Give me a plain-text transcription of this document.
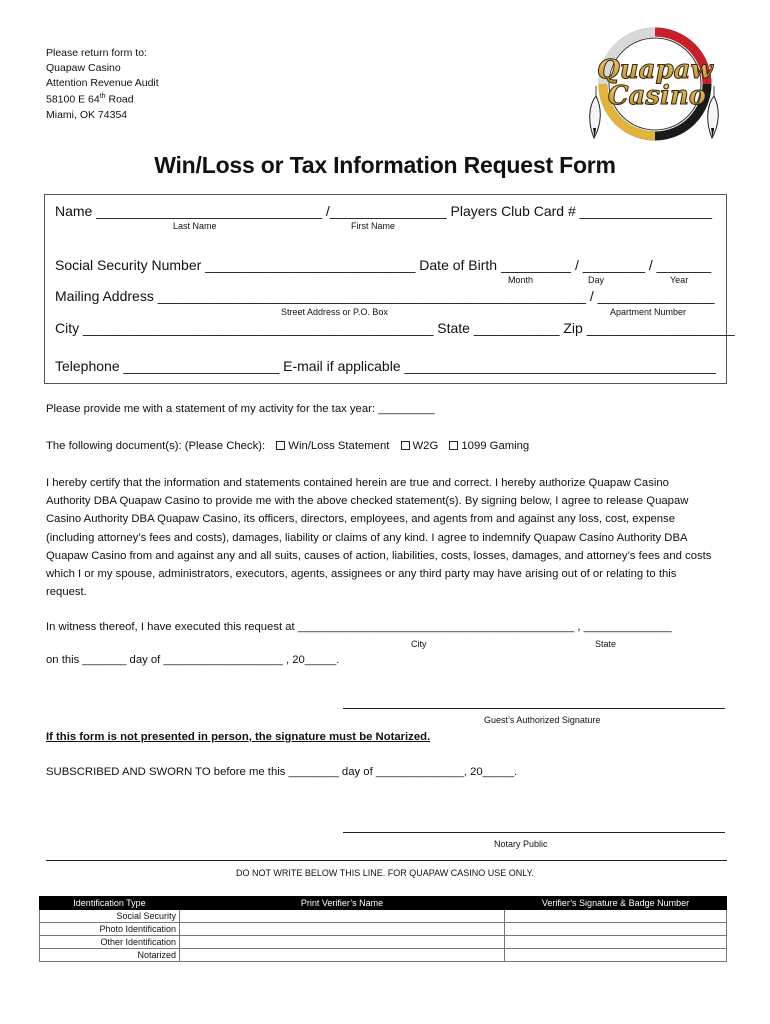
Please return form to:
Quapaw Casino
Attention Revenue Audit
58100 E 64th Road
Miami, OK 74354
Quapaw
Casino
Win/Loss or Tax Information Request Form
Name _____________________________ /_______________ Players Club Card # _________________
Last Name	First Name
Social Security Number ___________________________ Date of Birth _________ / ________ / _______
Month	Day	Year
Mailing Address _______________________________________________________ / _______________
Street Address or P.O. Box	Apartment Number
City _____________________________________________ State ___________ Zip ___________________
Telephone ____________________ E-mail if applicable ________________________________________
Please provide me with a statement of my activity for the tax year: _________
The following document(s): (Please Check): Win/Loss Statement W2G 1099 Gaming
I hereby certify that the information and statements contained herein are true and correct. I hereby authorize Quapaw Casino
Authority DBA Quapaw Casino to provide me with the above checked statement(s). By signing below, I agree to release Quapaw
Casino Authority DBA Quapaw Casino, its officers, directors, employees, and agents from and against any loss, cost, expense
(including attorney’s fees and costs), damages, liability or claims of any kind. I agree to indemnify Quapaw Casino Authority DBA
Quapaw Casino from and against any and all suits, causes of action, liabilities, costs, losses, damages, and attorney’s fees and costs
which I or my spouse, administrators, executors, agents, assignees or any third party may have arising out of or relating to this
request.
In witness thereof, I have executed this request at ____________________________________________ , ______________
City	State
on this _______ day of ___________________ , 20_____.
Guest’s Authorized Signature
If this form is not presented in person, the signature must be Notarized.
SUBSCRIBED AND SWORN TO before me this ________ day of ______________, 20_____.
Notary Public
DO NOT WRITE BELOW THIS LINE. FOR QUAPAW CASINO USE ONLY.
Identification Type	Print Verifier’s Name	Verifier’s Signature & Badge Number
Social Security		
Photo Identification		
Other Identification		
Notarized		
